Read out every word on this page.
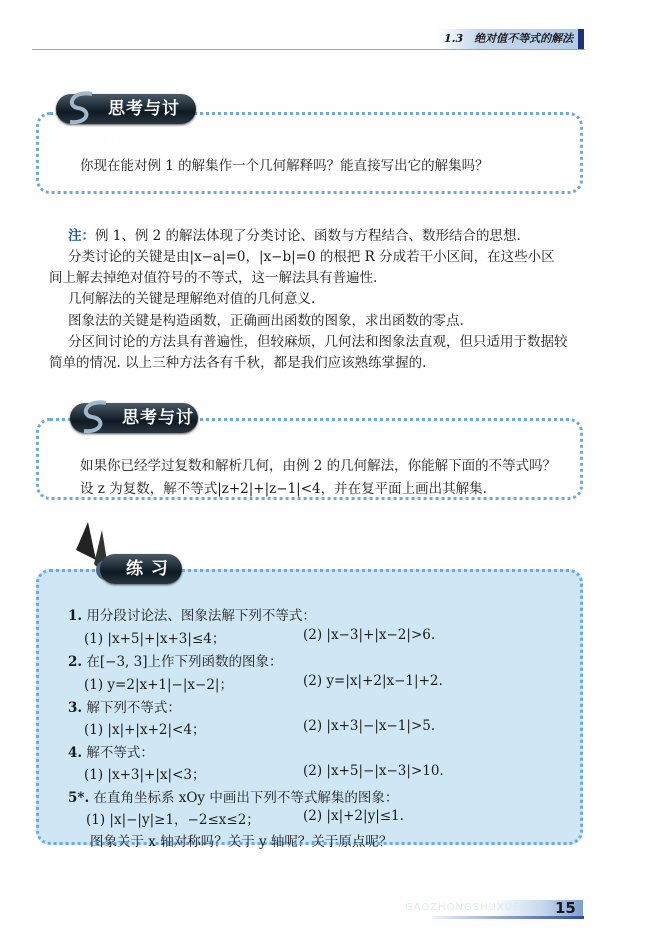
1.3　绝对值不等式的解法
思考与讨论
你现在能对例 1 的解集作一个几何解释吗？能直接写出它的解集吗？
注：例 1、例 2 的解法体现了分类讨论、函数与方程结合、数形结合的思想.
分类讨论的关键是由|x−a|=0，|x−b|=0 的根把 R 分成若干小区间，在这些小区
间上解去掉绝对值符号的不等式，这一解法具有普遍性.
几何解法的关键是理解绝对值的几何意义.
图象法的关键是构造函数，正确画出函数的图象，求出函数的零点.
分区间讨论的方法具有普遍性，但较麻烦，几何法和图象法直观，但只适用于数据较
简单的情况. 以上三种方法各有千秋，都是我们应该熟练掌握的.
思考与讨论
如果你已经学过复数和解析几何，由例 2 的几何解法，你能解下面的不等式吗？
设 z 为复数，解不等式|z+2|+|z−1|<4，并在复平面上画出其解集.
练 习
1. 用分段讨论法、图象法解下列不等式：
(1) |x+5|+|x+3|≤4；	(2) |x−3|+|x−2|>6.
2. 在[−3, 3]上作下列函数的图象：
(1) y=2|x+1|−|x−2|；	(2) y=|x|+2|x−1|+2.
3. 解下列不等式：
(1) |x|+|x+2|<4；	(2) |x+3|−|x−1|>5.
4. 解不等式：
(1) |x+3|+|x|<3；	(2) |x+5|−|x−3|>10.
5*. 在直角坐标系 xOy 中画出下列不等式解集的图象：
(1) |x|−|y|≥1，−2≤x≤2；	(2) |x|+2|y|≤1.
图象关于 x 轴对称吗？关于 y 轴呢？关于原点呢？
GAOZHONGSHUXUE 15
